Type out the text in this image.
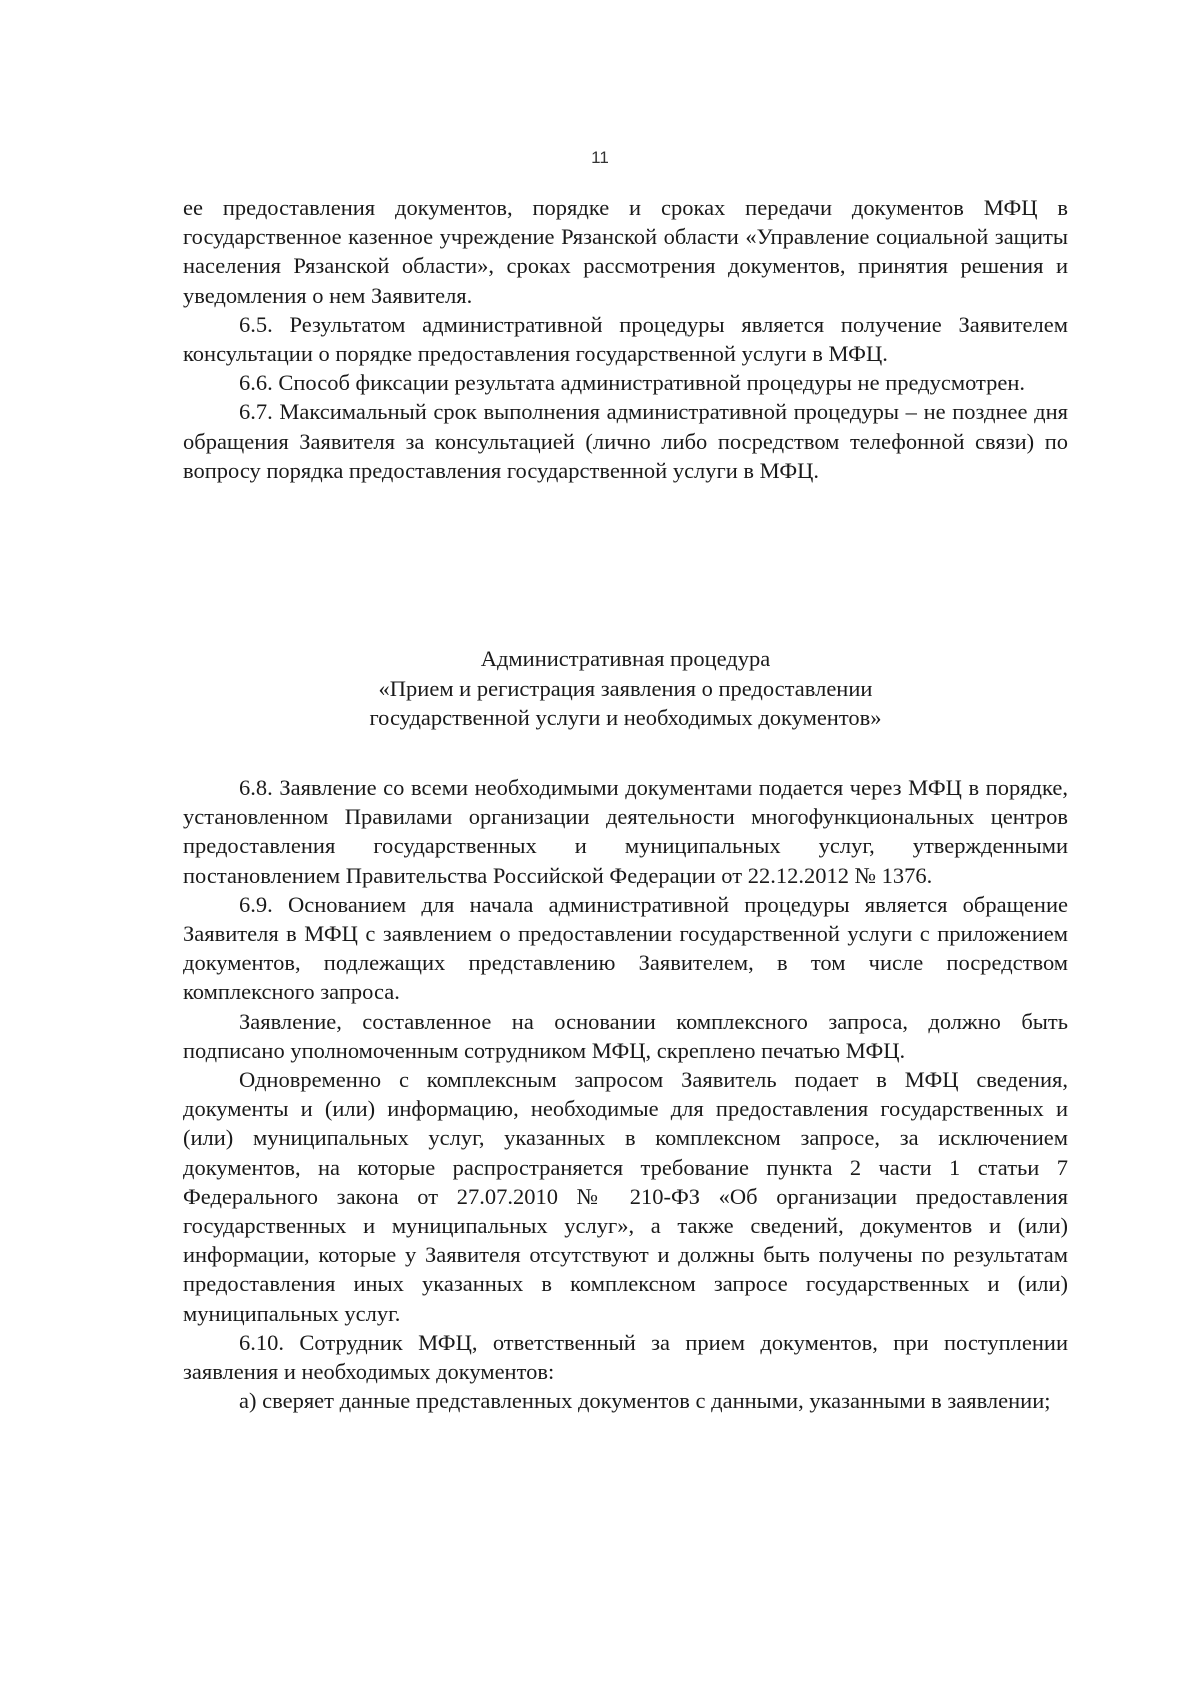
11

ее предоставления документов, порядке и сроках передачи документов МФЦ в государственное казенное учреждение Рязанской области «Управление социальной защиты населения Рязанской области», сроках рассмотрения документов, принятия решения и уведомления о нем Заявителя.

6.5. Результатом административной процедуры является получение Заявителем консультации о порядке предоставления государственной услуги в МФЦ.

6.6. Способ фиксации результата административной процедуры не предусмотрен.

6.7. Максимальный срок выполнения административной процедуры – не позднее дня обращения Заявителя за консультацией (лично либо посредством телефонной связи) по вопросу порядка предоставления государственной услуги в МФЦ.

Административная процедура
«Прием и регистрация заявления о предоставлении
государственной услуги и необходимых документов»

6.8. Заявление со всеми необходимыми документами подается через МФЦ в порядке, установленном Правилами организации деятельности многофункциональных центров предоставления государственных и муниципальных услуг, утвержденными постановлением Правительства Российской Федерации от 22.12.2012 № 1376.

6.9. Основанием для начала административной процедуры является обращение Заявителя в МФЦ с заявлением о предоставлении государственной услуги с приложением документов, подлежащих представлению Заявителем, в том числе посредством комплексного запроса.

Заявление, составленное на основании комплексного запроса, должно быть подписано уполномоченным сотрудником МФЦ, скреплено печатью МФЦ.

Одновременно с комплексным запросом Заявитель подает в МФЦ сведения, документы и (или) информацию, необходимые для предоставления государственных и (или) муниципальных услуг, указанных в комплексном запросе, за исключением документов, на которые распространяется требование пункта 2 части 1 статьи 7 Федерального закона от 27.07.2010 № 210-ФЗ «Об организации предоставления государственных и муниципальных услуг», а также сведений, документов и (или) информации, которые у Заявителя отсутствуют и должны быть получены по результатам предоставления иных указанных в комплексном запросе государственных и (или) муниципальных услуг.

6.10. Сотрудник МФЦ, ответственный за прием документов, при поступлении заявления и необходимых документов:

а) сверяет данные представленных документов с данными, указанными в заявлении;
